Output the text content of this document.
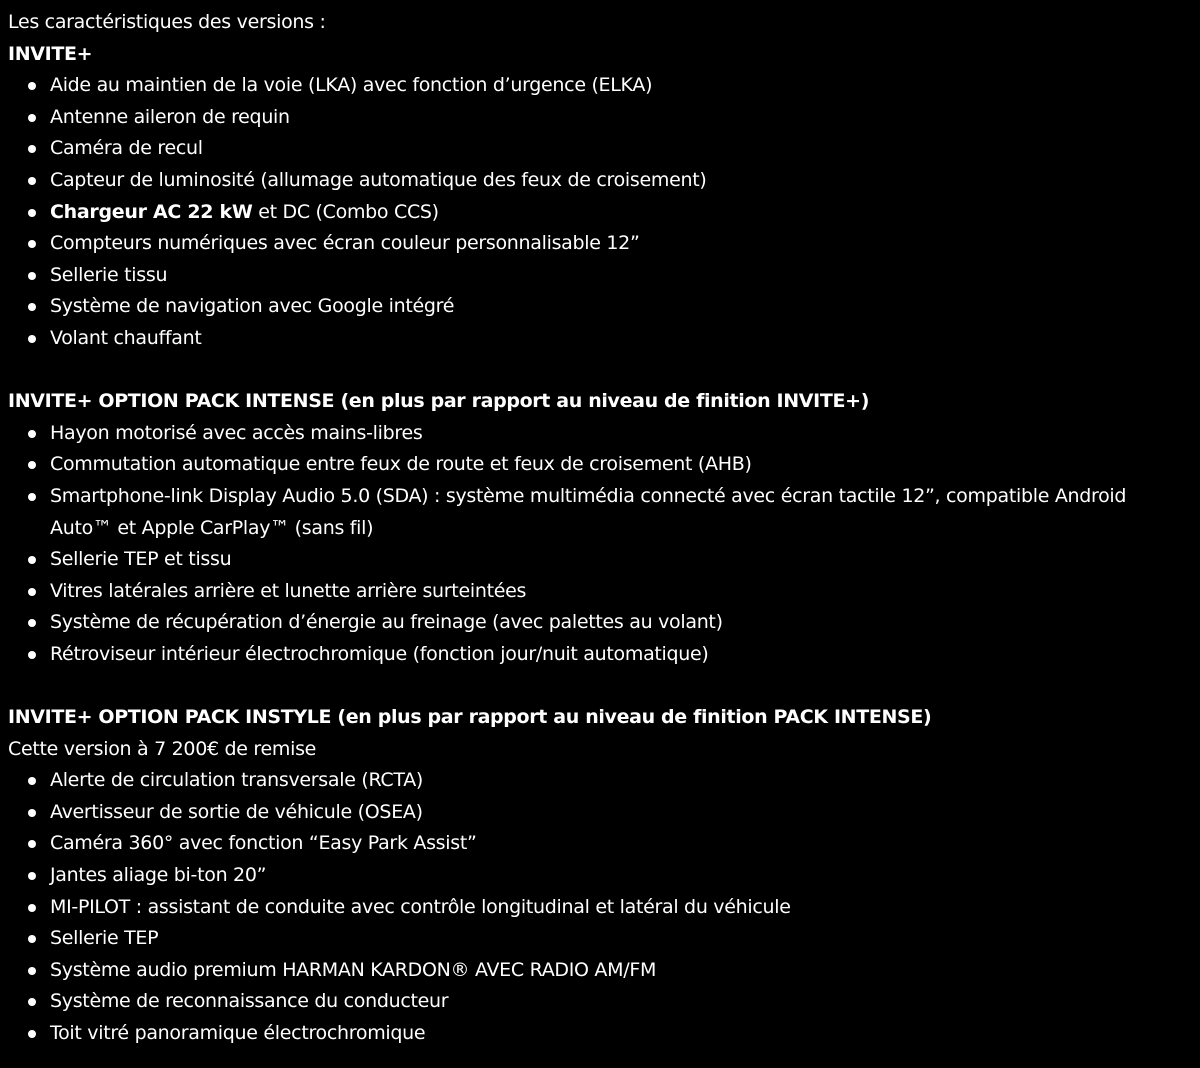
Les caractéristiques des versions :
INVITE+
Aide au maintien de la voie (LKA) avec fonction d’urgence (ELKA)
Antenne aileron de requin
Caméra de recul
Capteur de luminosité (allumage automatique des feux de croisement)
Chargeur AC 22 kW et DC (Combo CCS)
Compteurs numériques avec écran couleur personnalisable 12”
Sellerie tissu
Système de navigation avec Google intégré
Volant chauffant
INVITE+ OPTION PACK INTENSE (en plus par rapport au niveau de finition INVITE+)
Hayon motorisé avec accès mains-libres
Commutation automatique entre feux de route et feux de croisement (AHB)
Smartphone-link Display Audio 5.0 (SDA) : système multimédia connecté avec écran tactile 12”, compatible Android Auto™ et Apple CarPlay™ (sans fil)
Sellerie TEP et tissu
Vitres latérales arrière et lunette arrière surteintées
Système de récupération d’énergie au freinage (avec palettes au volant)
Rétroviseur intérieur électrochromique (fonction jour/nuit automatique)
INVITE+ OPTION PACK INSTYLE (en plus par rapport au niveau de finition PACK INTENSE)
Cette version à 7 200€ de remise
Alerte de circulation transversale (RCTA)
Avertisseur de sortie de véhicule (OSEA)
Caméra 360° avec fonction “Easy Park Assist”
Jantes aliage bi-ton 20”
MI-PILOT : assistant de conduite avec contrôle longitudinal et latéral du véhicule
Sellerie TEP
Système audio premium HARMAN KARDON® AVEC RADIO AM/FM
Système de reconnaissance du conducteur
Toit vitré panoramique électrochromique
